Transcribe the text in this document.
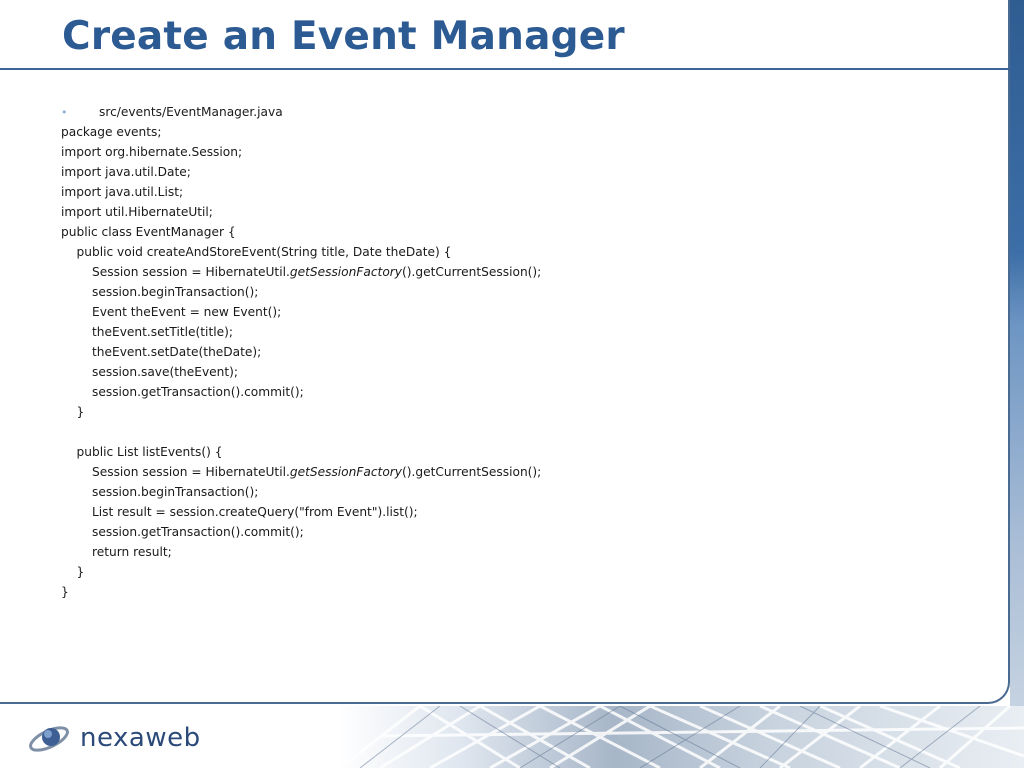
Create an Event Manager
•	src/events/EventManager.java
package events;
import org.hibernate.Session;
import java.util.Date;
import java.util.List;
import util.HibernateUtil;
public class EventManager {
public void createAndStoreEvent(String title, Date theDate) {
Session session = HibernateUtil.getSessionFactory().getCurrentSession();
session.beginTransaction();
Event theEvent = new Event();
theEvent.setTitle(title);
theEvent.setDate(theDate);
session.save(theEvent);
session.getTransaction().commit();
}
public List listEvents() {
Session session = HibernateUtil.getSessionFactory().getCurrentSession();
session.beginTransaction();
List result = session.createQuery("from Event").list();
session.getTransaction().commit();
return result;
}
}
nexaweb
